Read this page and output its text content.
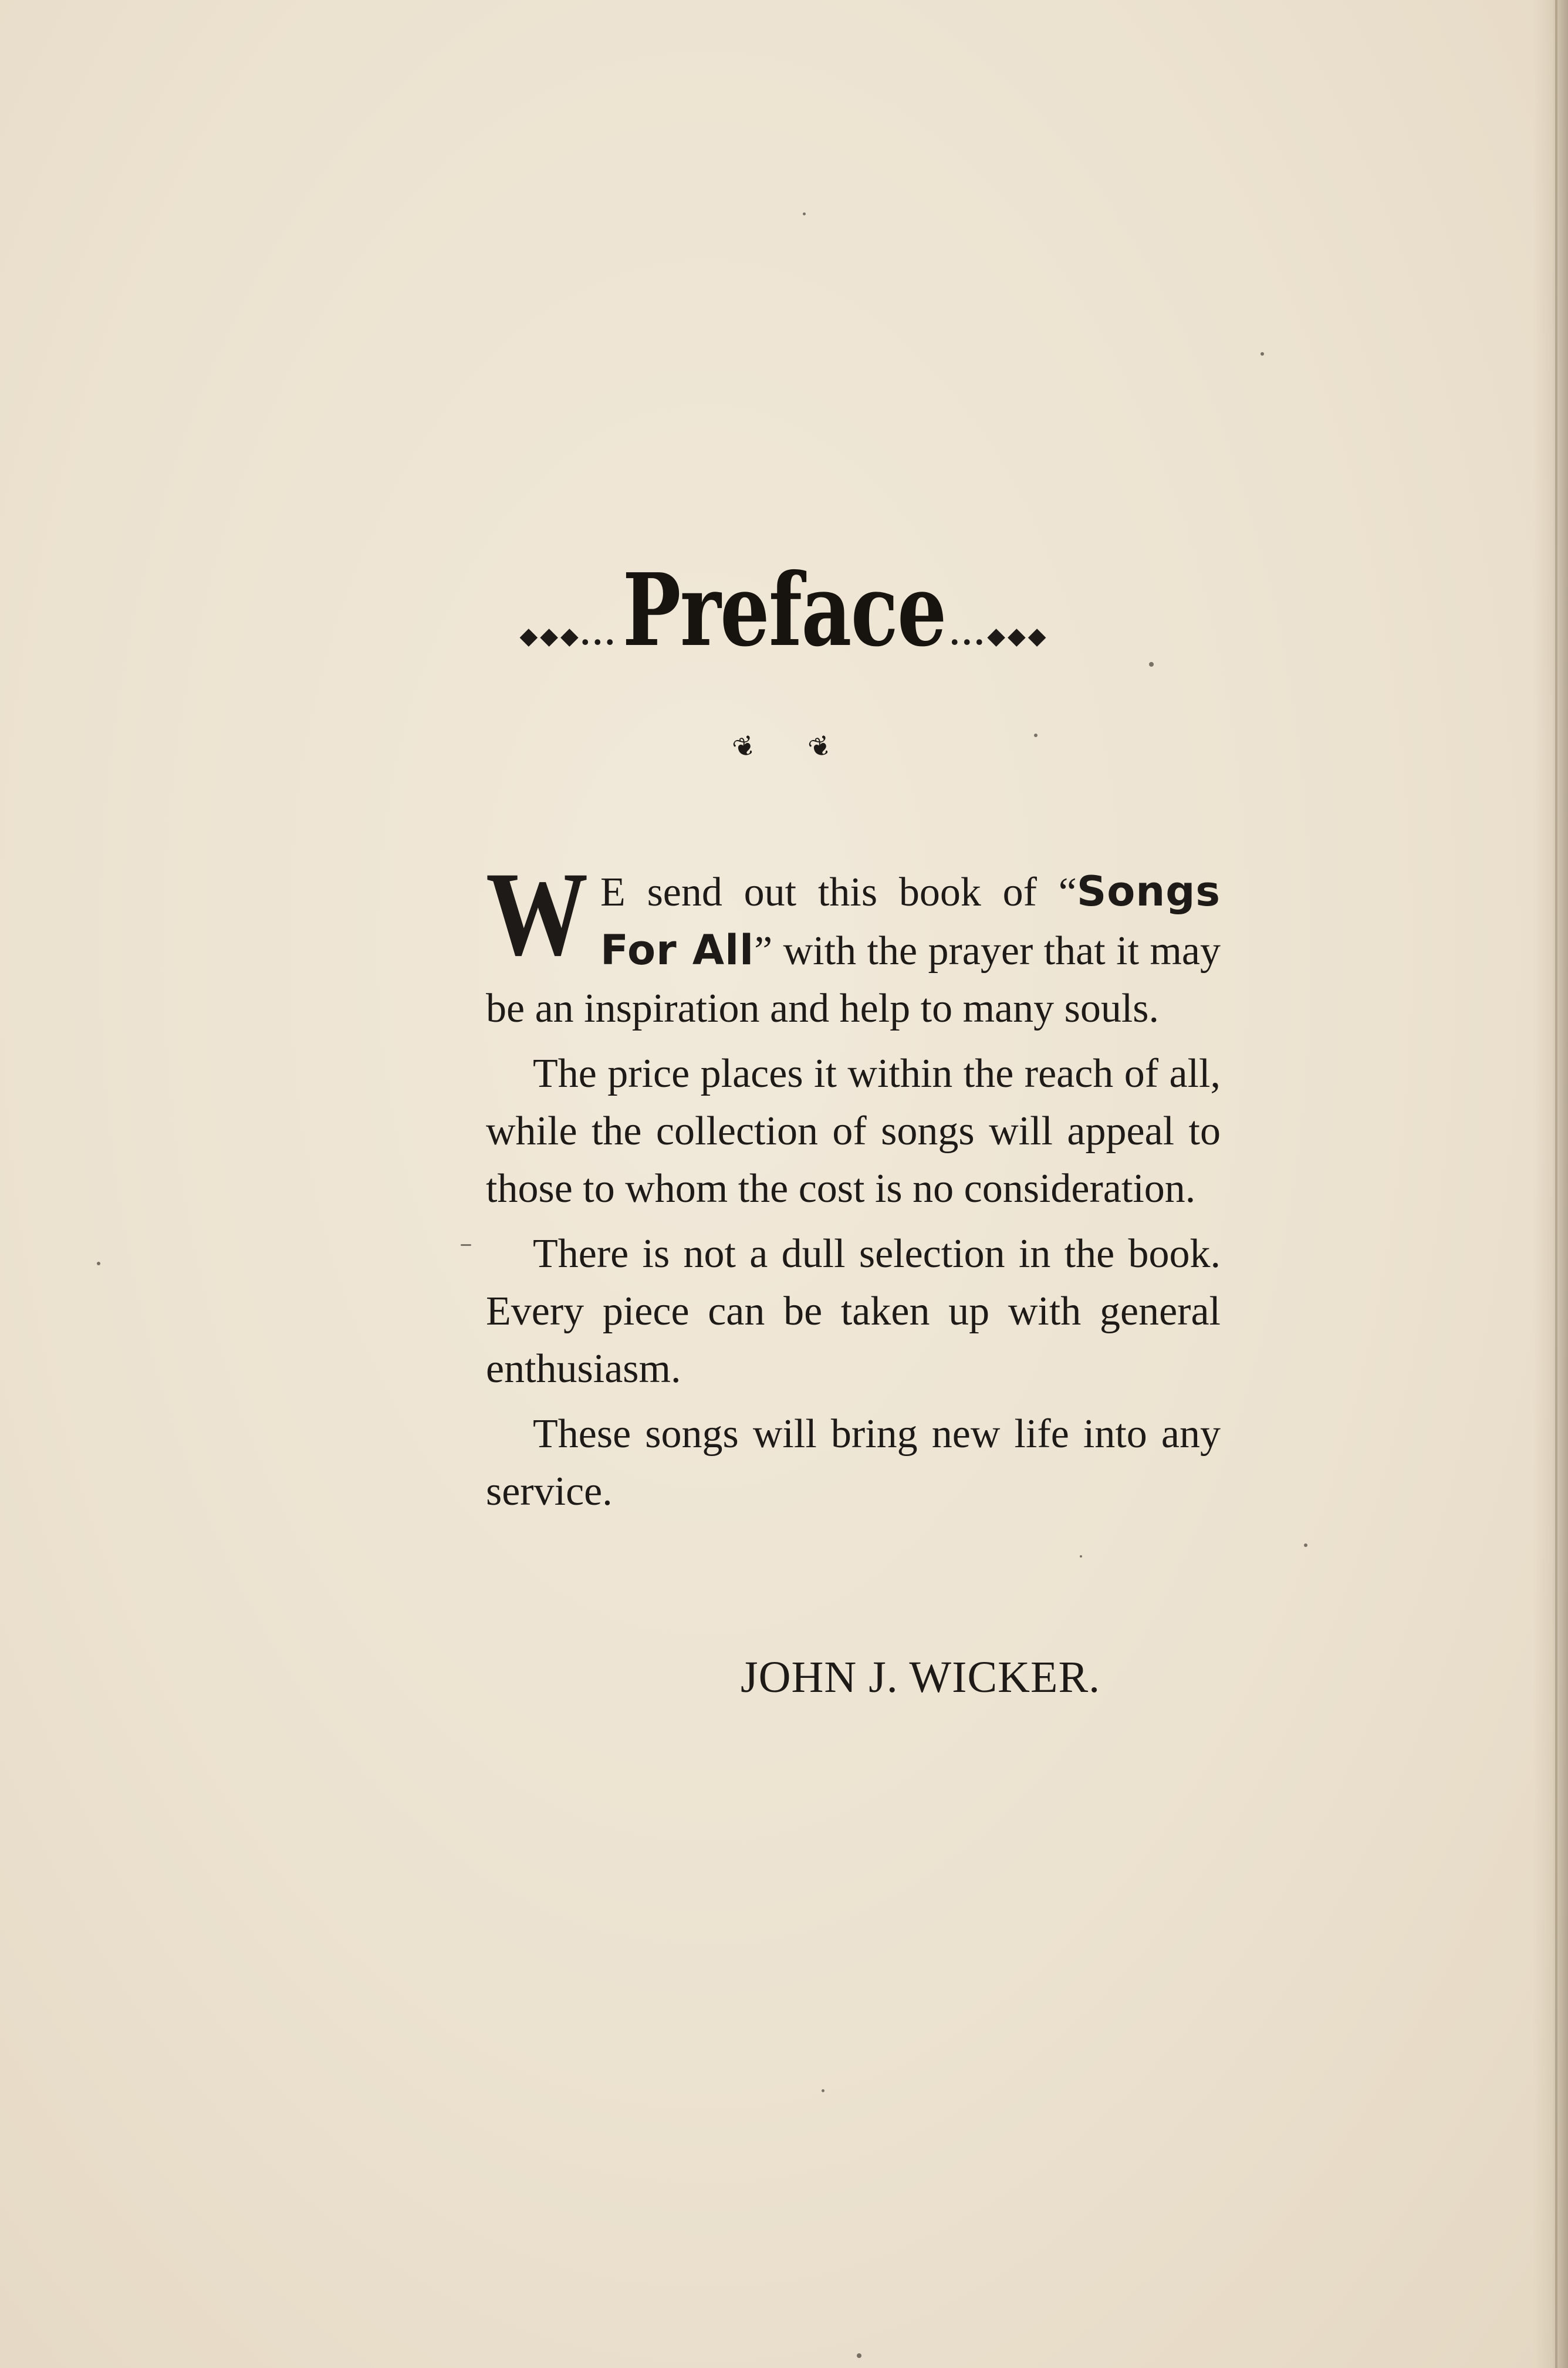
◆◆◆ ... Preface ... ◆◆◆
❦ ❦

W E send out this book of “Songs For All” with the prayer that it may be an inspiration and help to many souls.

The price places it within the reach of all, while the collection of songs will appeal to those to whom the cost is no consideration.

There is not a dull selection in the book. Every piece can be taken up with general enthusiasm.

These songs will bring new life into any service.

JOHN J. WICKER.
